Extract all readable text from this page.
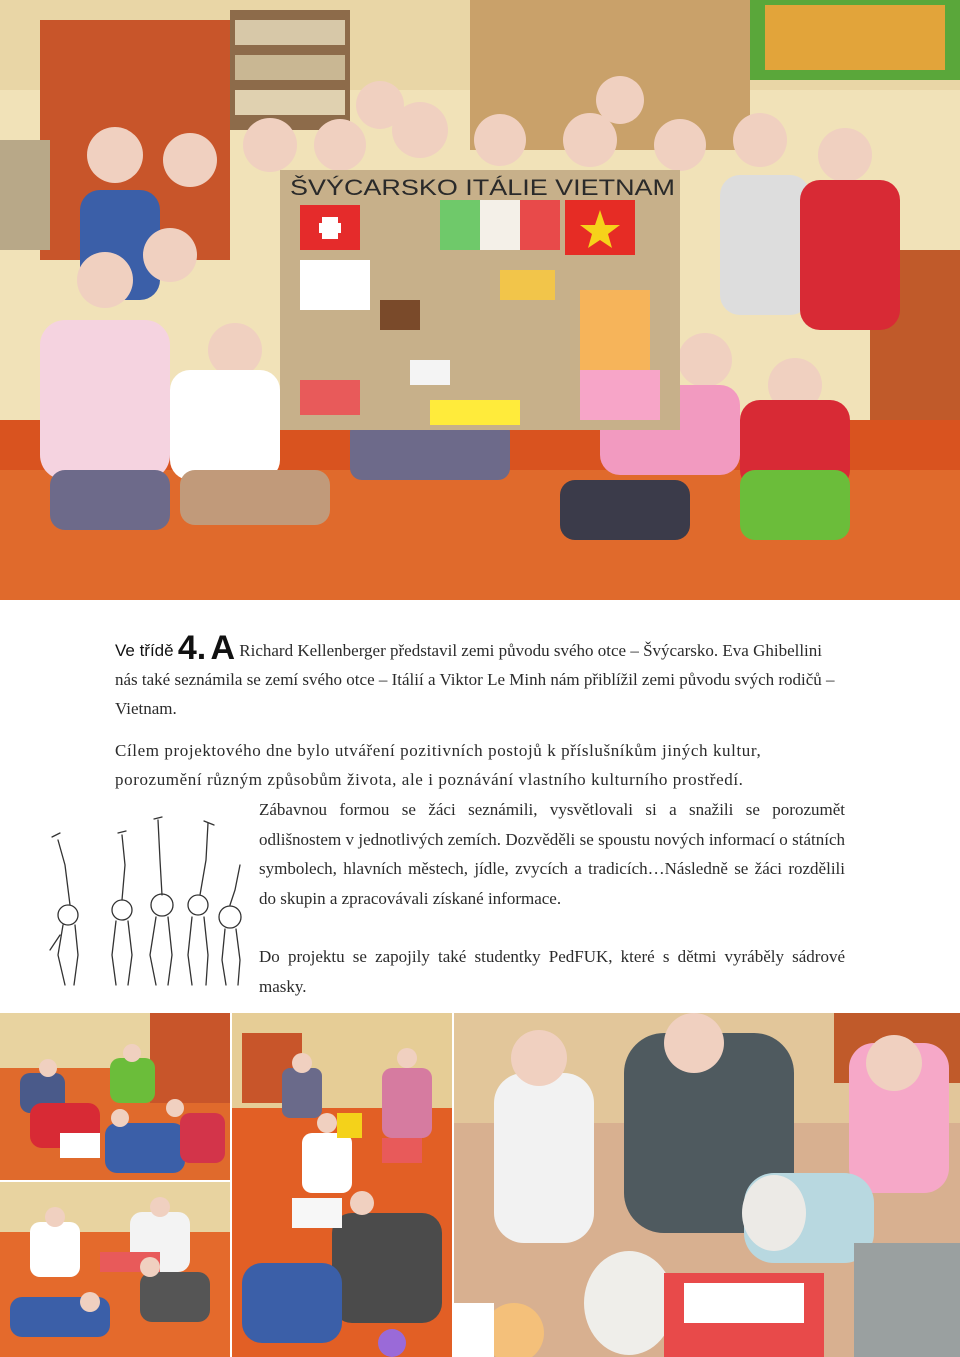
ŠVÝCARSKO ITÁLIE VIETNAM
Ve třídě 4. A Richard Kellenberger představil zemi původu svého otce – Švýcarsko. Eva Ghibellini nás také seznámila se zemí svého otce – Itálií a Viktor Le Minh nám přiblížil zemi původu svých rodičů – Vietnam.
Cílem projektového dne bylo utváření pozitivních postojů k příslušníkům jiných kultur,
porozumění různým způsobům života, ale i poznávání vlastního kulturního prostředí.
Zábavnou formou se žáci seznámili, vysvětlovali si a snažili se porozumět odlišnostem v jednotlivých zemích. Dozvěděli se spoustu nových informací o státních symbolech, hlavních městech, jídle, zvycích a tradicích…Následně se žáci rozdělili do skupin a zpracovávali získané informace.
Do projektu se zapojily také studentky PedFUK, které s dětmi vyráběly sádrové masky.
